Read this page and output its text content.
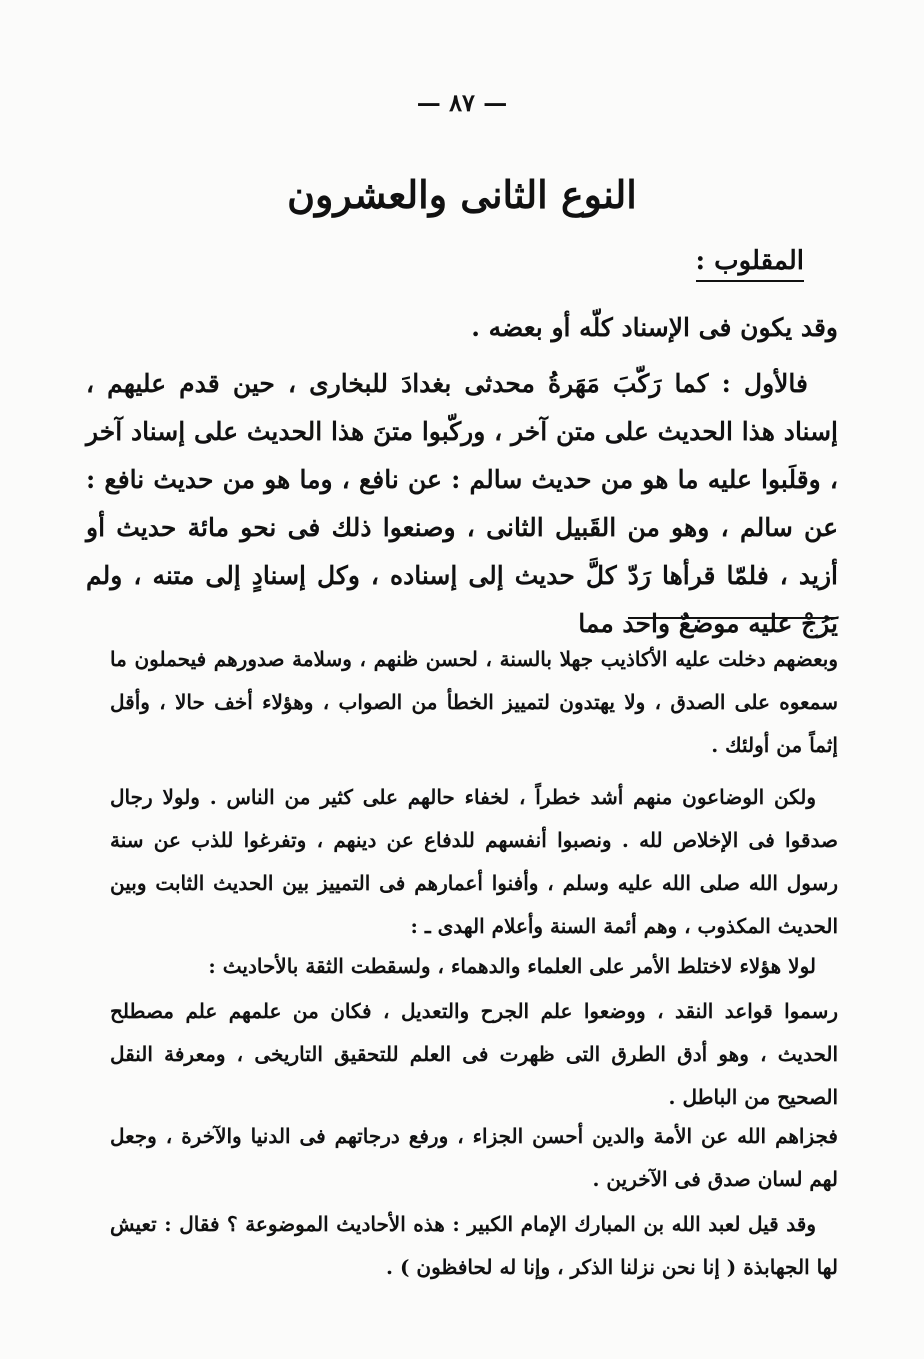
— ٨٧ —
النوع الثانى والعشرون
المقلوب :
وقد يكون فى الإسناد كلّه أو بعضه .
فالأول : كما رَكّبَ مَهَرةُ محدثى بغدادَ للبخارى ، حين قدم عليهم ، إسناد هذا الحديث على متن آخر ، وركّبوا متنَ هذا الحديث على إسناد آخر ، وقلَبوا عليه ما هو من حديث سالم : عن نافع ، وما هو من حديث نافع : عن سالم ، وهو من القَبيل الثانى ، وصنعوا ذلك فى نحو مائة حديث أو أزيد ، فلمّا قرأها رَدّ كلَّ حديث إلى إسناده ، وكل إسنادٍ إلى متنه ، ولم يَرُجْ عليه موضعٌ واحد مما
وبعضهم دخلت عليه الأكاذيب جهلا بالسنة ، لحسن ظنهم ، وسلامة صدورهم فيحملون ما سمعوه على الصدق ، ولا يهتدون لتمييز الخطأ من الصواب ، وهؤلاء أخف حالا ، وأقل إثماً من أولئك .
ولكن الوضاعون منهم أشد خطراً ، لخفاء حالهم على كثير من الناس . ولولا رجال صدقوا فى الإخلاص لله . ونصبوا أنفسهم للدفاع عن دينهم ، وتفرغوا للذب عن سنة رسول الله صلى الله عليه وسلم ، وأفنوا أعمارهم فى التمييز بين الحديث الثابت وبين الحديث المكذوب ، وهم أئمة السنة وأعلام الهدى ـ :
لولا هؤلاء لاختلط الأمر على العلماء والدهماء ، ولسقطت الثقة بالأحاديث :
رسموا قواعد النقد ، ووضعوا علم الجرح والتعديل ، فكان من علمهم علم مصطلح الحديث ، وهو أدق الطرق التى ظهرت فى العلم للتحقيق التاريخى ، ومعرفة النقل الصحيح من الباطل .
فجزاهم الله عن الأمة والدين أحسن الجزاء ، ورفع درجاتهم فى الدنيا والآخرة ، وجعل لهم لسان صدق فى الآخرين .
وقد قيل لعبد الله بن المبارك الإمام الكبير : هذه الأحاديث الموضوعة ؟ فقال : تعيش لها الجهابذة ( إنا نحن نزلنا الذكر ، وإنا له لحافظون ) .
